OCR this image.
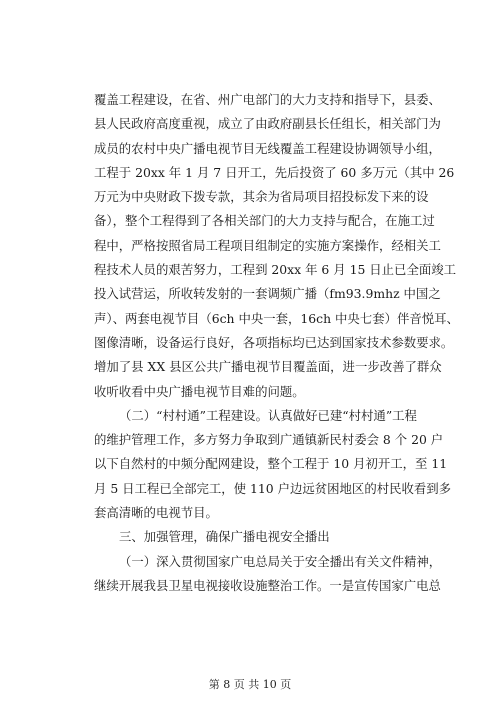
覆盖工程建设，在省、州广电部门的大力支持和指导下，县委、
县人民政府高度重视，成立了由政府副县长任组长，相关部门为
成员的农村中央广播电视节目无线覆盖工程建设协调领导小组，
工程于 20xx 年 1 月 7 日开工，先后投资了 60 多万元（其中 26
万元为中央财政下拨专款，其余为省局项目招投标发下来的设
备），整个工程得到了各相关部门的大力支持与配合，在施工过
程中，严格按照省局工程项目组制定的实施方案操作，经相关工
程技术人员的艰苦努力，工程到 20xx 年 6 月 15 日止已全面竣工
投入试营运，所收转发射的一套调频广播（fm93.9mhz 中国之
声）、两套电视节目（6ch 中央一套，16ch 中央七套）伴音悦耳、
图像清晰，设备运行良好，各项指标均已达到国家技术参数要求。
增加了县 XX 县区公共广播电视节目覆盖面，进一步改善了群众
收听收看中央广播电视节目难的问题。
（二）“村村通”工程建设。认真做好已建“村村通”工程
的维护管理工作，多方努力争取到广通镇新民村委会 8 个 20 户
以下自然村的中频分配网建设，整个工程于 10 月初开工，至 11
月 5 日工程已全部完工，使 110 户边远贫困地区的村民收看到多
套高清晰的电视节目。
三、加强管理，确保广播电视安全播出
（一）深入贯彻国家广电总局关于安全播出有关文件精神，
继续开展我县卫星电视接收设施整治工作。一是宣传国家广电总
第 8 页 共 10 页
